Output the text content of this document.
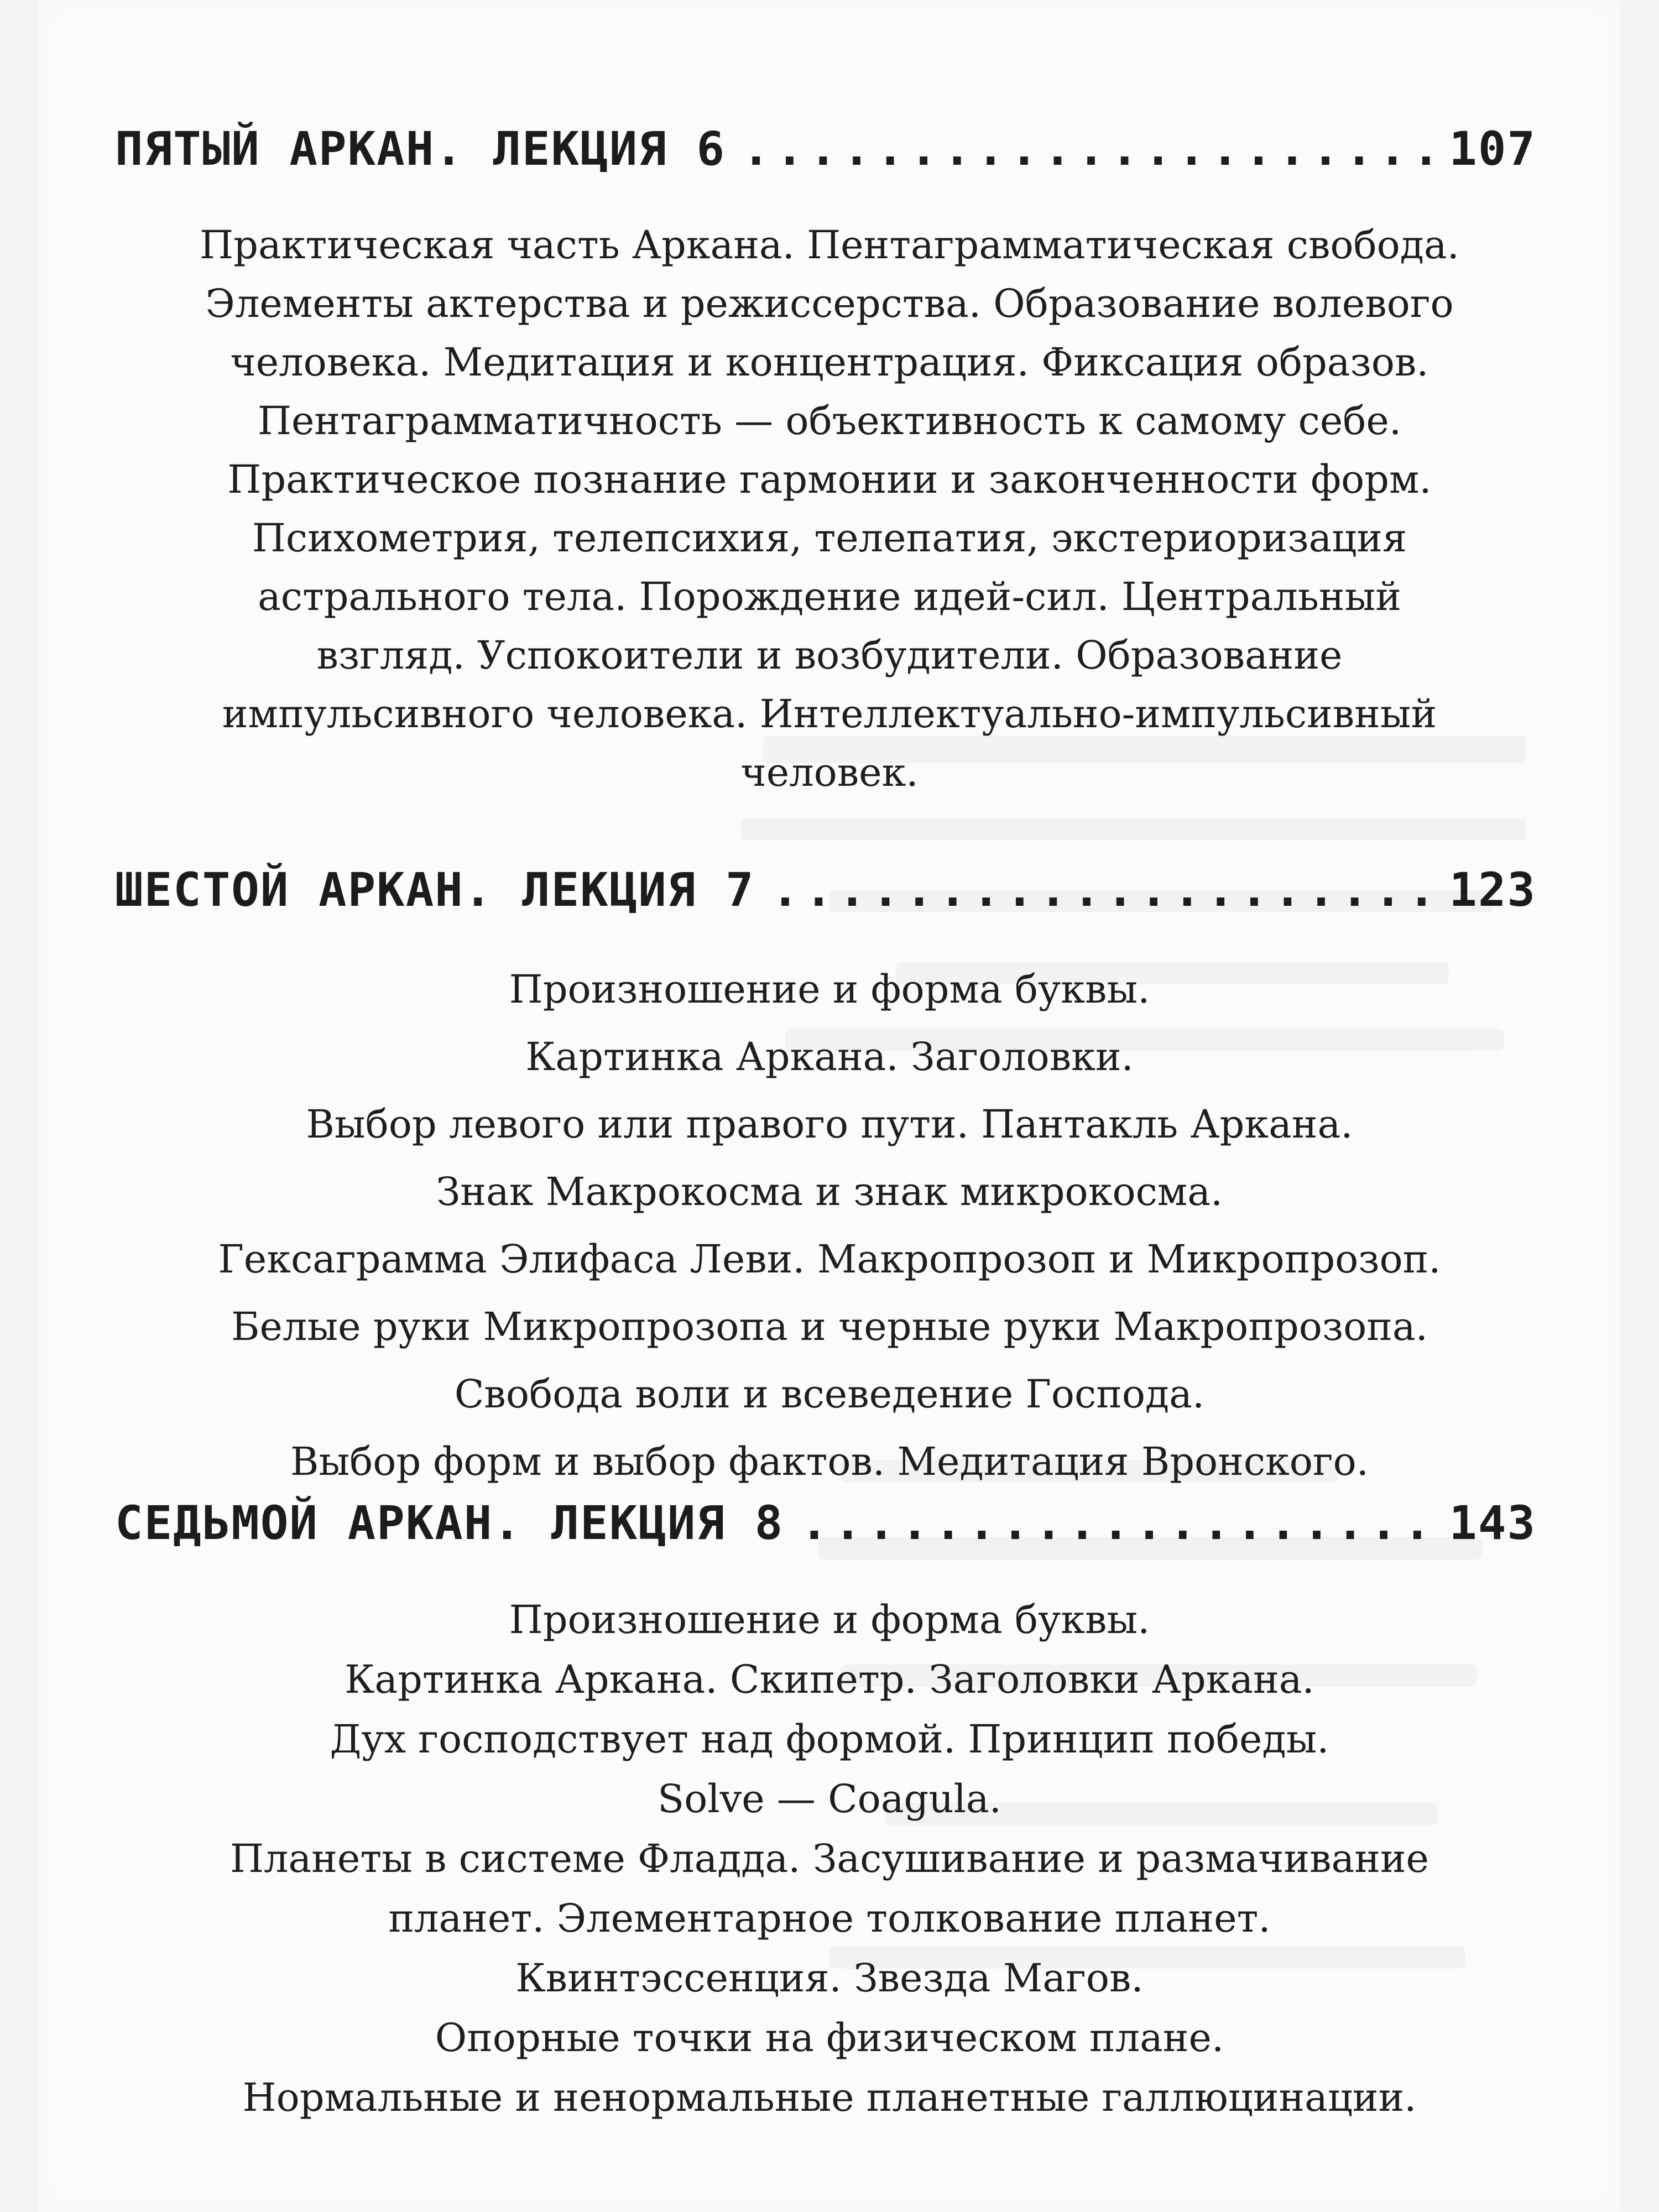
ПЯТЫЙ АРКАН. ЛЕКЦИЯ 6 .....	107
Практическая часть Аркана. Пентаграмматическая свобода.
Элементы актерства и режиссерства. Образование волевого
человека. Медитация и концентрация. Фиксация образов.
Пентаграмматичность — объективность к самому себе.
Практическое познание гармонии и законченности форм.
Психометрия, телепсихия, телепатия, экстериоризация
астрального тела. Порождение идей-сил. Центральный
взгляд. Успокоители и возбудители. Образование
импульсивного человека. Интеллектуально-импульсивный
человек.
ШЕСТОЙ АРКАН. ЛЕКЦИЯ 7 .....	123
Произношение и форма буквы.
Картинка Аркана. Заголовки.
Выбор левого или правого пути. Пантакль Аркана.
Знак Макрокосма и знак микрокосма.
Гексаграмма Элифаса Леви. Макропрозоп и Микропрозоп.
Белые руки Микропрозопа и черные руки Макропрозопа.
Свобода воли и всеведение Господа.
Выбор форм и выбор фактов. Медитация Вронского.
СЕДЬМОЙ АРКАН. ЛЕКЦИЯ 8 .....	143
Произношение и форма буквы.
Картинка Аркана. Скипетр. Заголовки Аркана.
Дух господствует над формой. Принцип победы.
Solve — Coagula.
Планеты в системе Фладда. Засушивание и размачивание
планет. Элементарное толкование планет.
Квинтэссенция. Звезда Магов.
Опорные точки на физическом плане.
Нормальные и ненормальные планетные галлюцинации.
